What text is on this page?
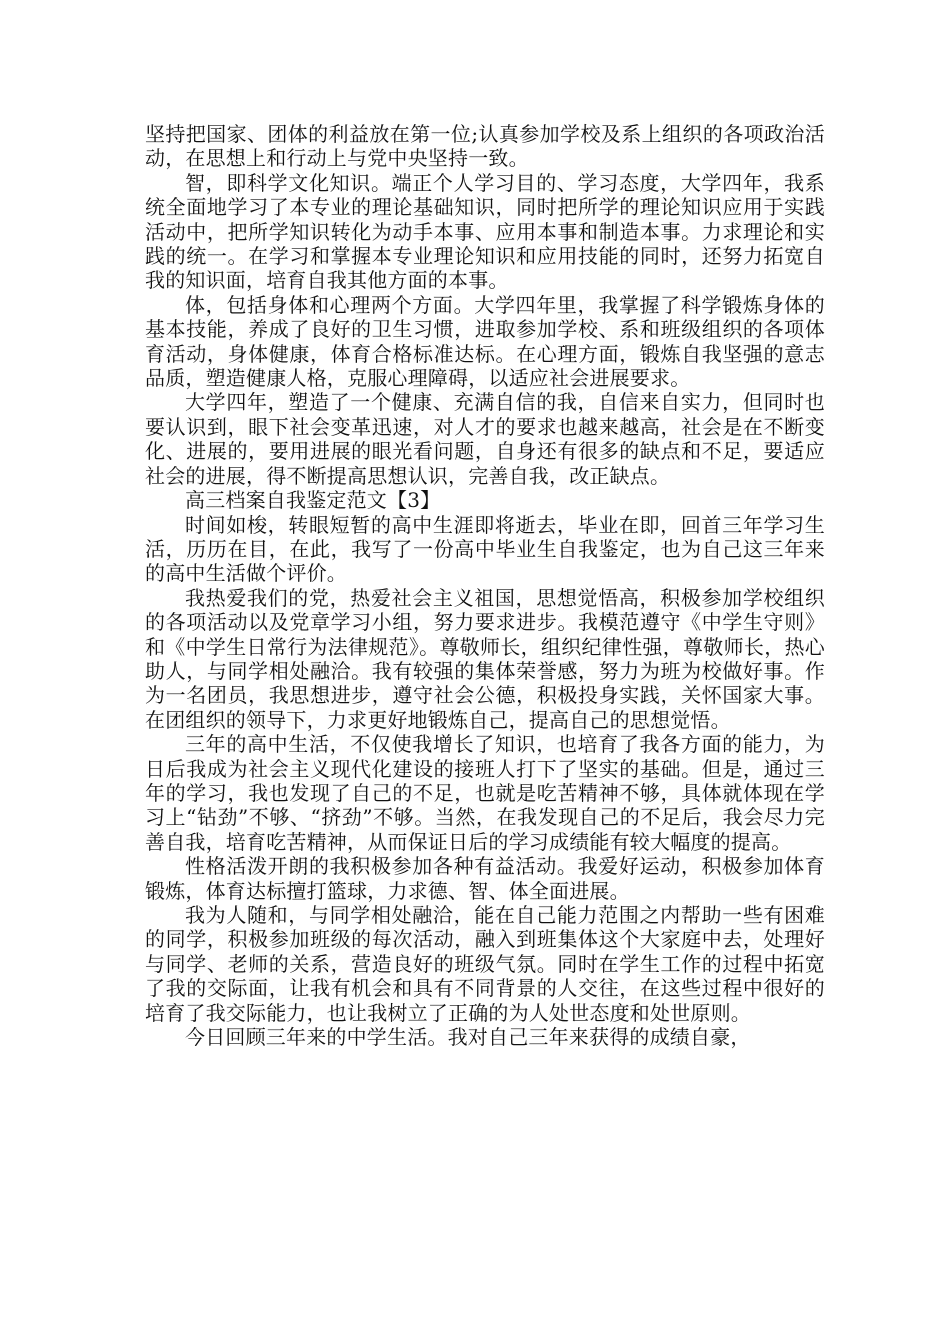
坚持把国家、团体的利益放在第一位;认真参加学校及系上组织的各项政治活动，在思想上和行动上与党中央坚持一致。

智，即科学文化知识。端正个人学习目的、学习态度，大学四年，我系统全面地学习了本专业的理论基础知识，同时把所学的理论知识应用于实践活动中，把所学知识转化为动手本事、应用本事和制造本事。力求理论和实践的统一。在学习和掌握本专业理论知识和应用技能的同时，还努力拓宽自我的知识面，培育自我其他方面的本事。

体，包括身体和心理两个方面。大学四年里，我掌握了科学锻炼身体的基本技能，养成了良好的卫生习惯，进取参加学校、系和班级组织的各项体育活动，身体健康，体育合格标准达标。在心理方面，锻炼自我坚强的意志品质，塑造健康人格，克服心理障碍，以适应社会进展要求。

大学四年，塑造了一个健康、充满自信的我，自信来自实力，但同时也要认识到，眼下社会变革迅速，对人才的要求也越来越高，社会是在不断变化、进展的，要用进展的眼光看问题，自身还有很多的缺点和不足，要适应社会的进展，得不断提高思想认识，完善自我，改正缺点。

高三档案自我鉴定范文【3】

时间如梭，转眼短暂的高中生涯即将逝去，毕业在即，回首三年学习生活，历历在目，在此，我写了一份高中毕业生自我鉴定，也为自己这三年来的高中生活做个评价。

我热爱我们的党，热爱社会主义祖国，思想觉悟高，积极参加学校组织的各项活动以及党章学习小组，努力要求进步。我模范遵守《中学生守则》和《中学生日常行为法律规范》。尊敬师长，组织纪律性强，尊敬师长，热心助人，与同学相处融洽。我有较强的集体荣誉感，努力为班为校做好事。作为一名团员，我思想进步，遵守社会公德，积极投身实践，关怀国家大事。在团组织的领导下，力求更好地锻炼自己，提高自己的思想觉悟。

三年的高中生活，不仅使我增长了知识，也培育了我各方面的能力，为日后我成为社会主义现代化建设的接班人打下了坚实的基础。但是，通过三年的学习，我也发现了自己的不足，也就是吃苦精神不够，具体就体现在学习上“钻劲”不够、“挤劲”不够。当然，在我发现自己的不足后，我会尽力完善自我，培育吃苦精神，从而保证日后的学习成绩能有较大幅度的提高。

性格活泼开朗的我积极参加各种有益活动。我爱好运动，积极参加体育锻炼，体育达标擅打篮球，力求德、智、体全面进展。

我为人随和，与同学相处融洽，能在自己能力范围之内帮助一些有困难的同学，积极参加班级的每次活动，融入到班集体这个大家庭中去，处理好与同学、老师的关系，营造良好的班级气氛。同时在学生工作的过程中拓宽了我的交际面，让我有机会和具有不同背景的人交往，在这些过程中很好的培育了我交际能力，也让我树立了正确的为人处世态度和处世原则。

今日回顾三年来的中学生活。我对自己三年来获得的成绩自豪，
